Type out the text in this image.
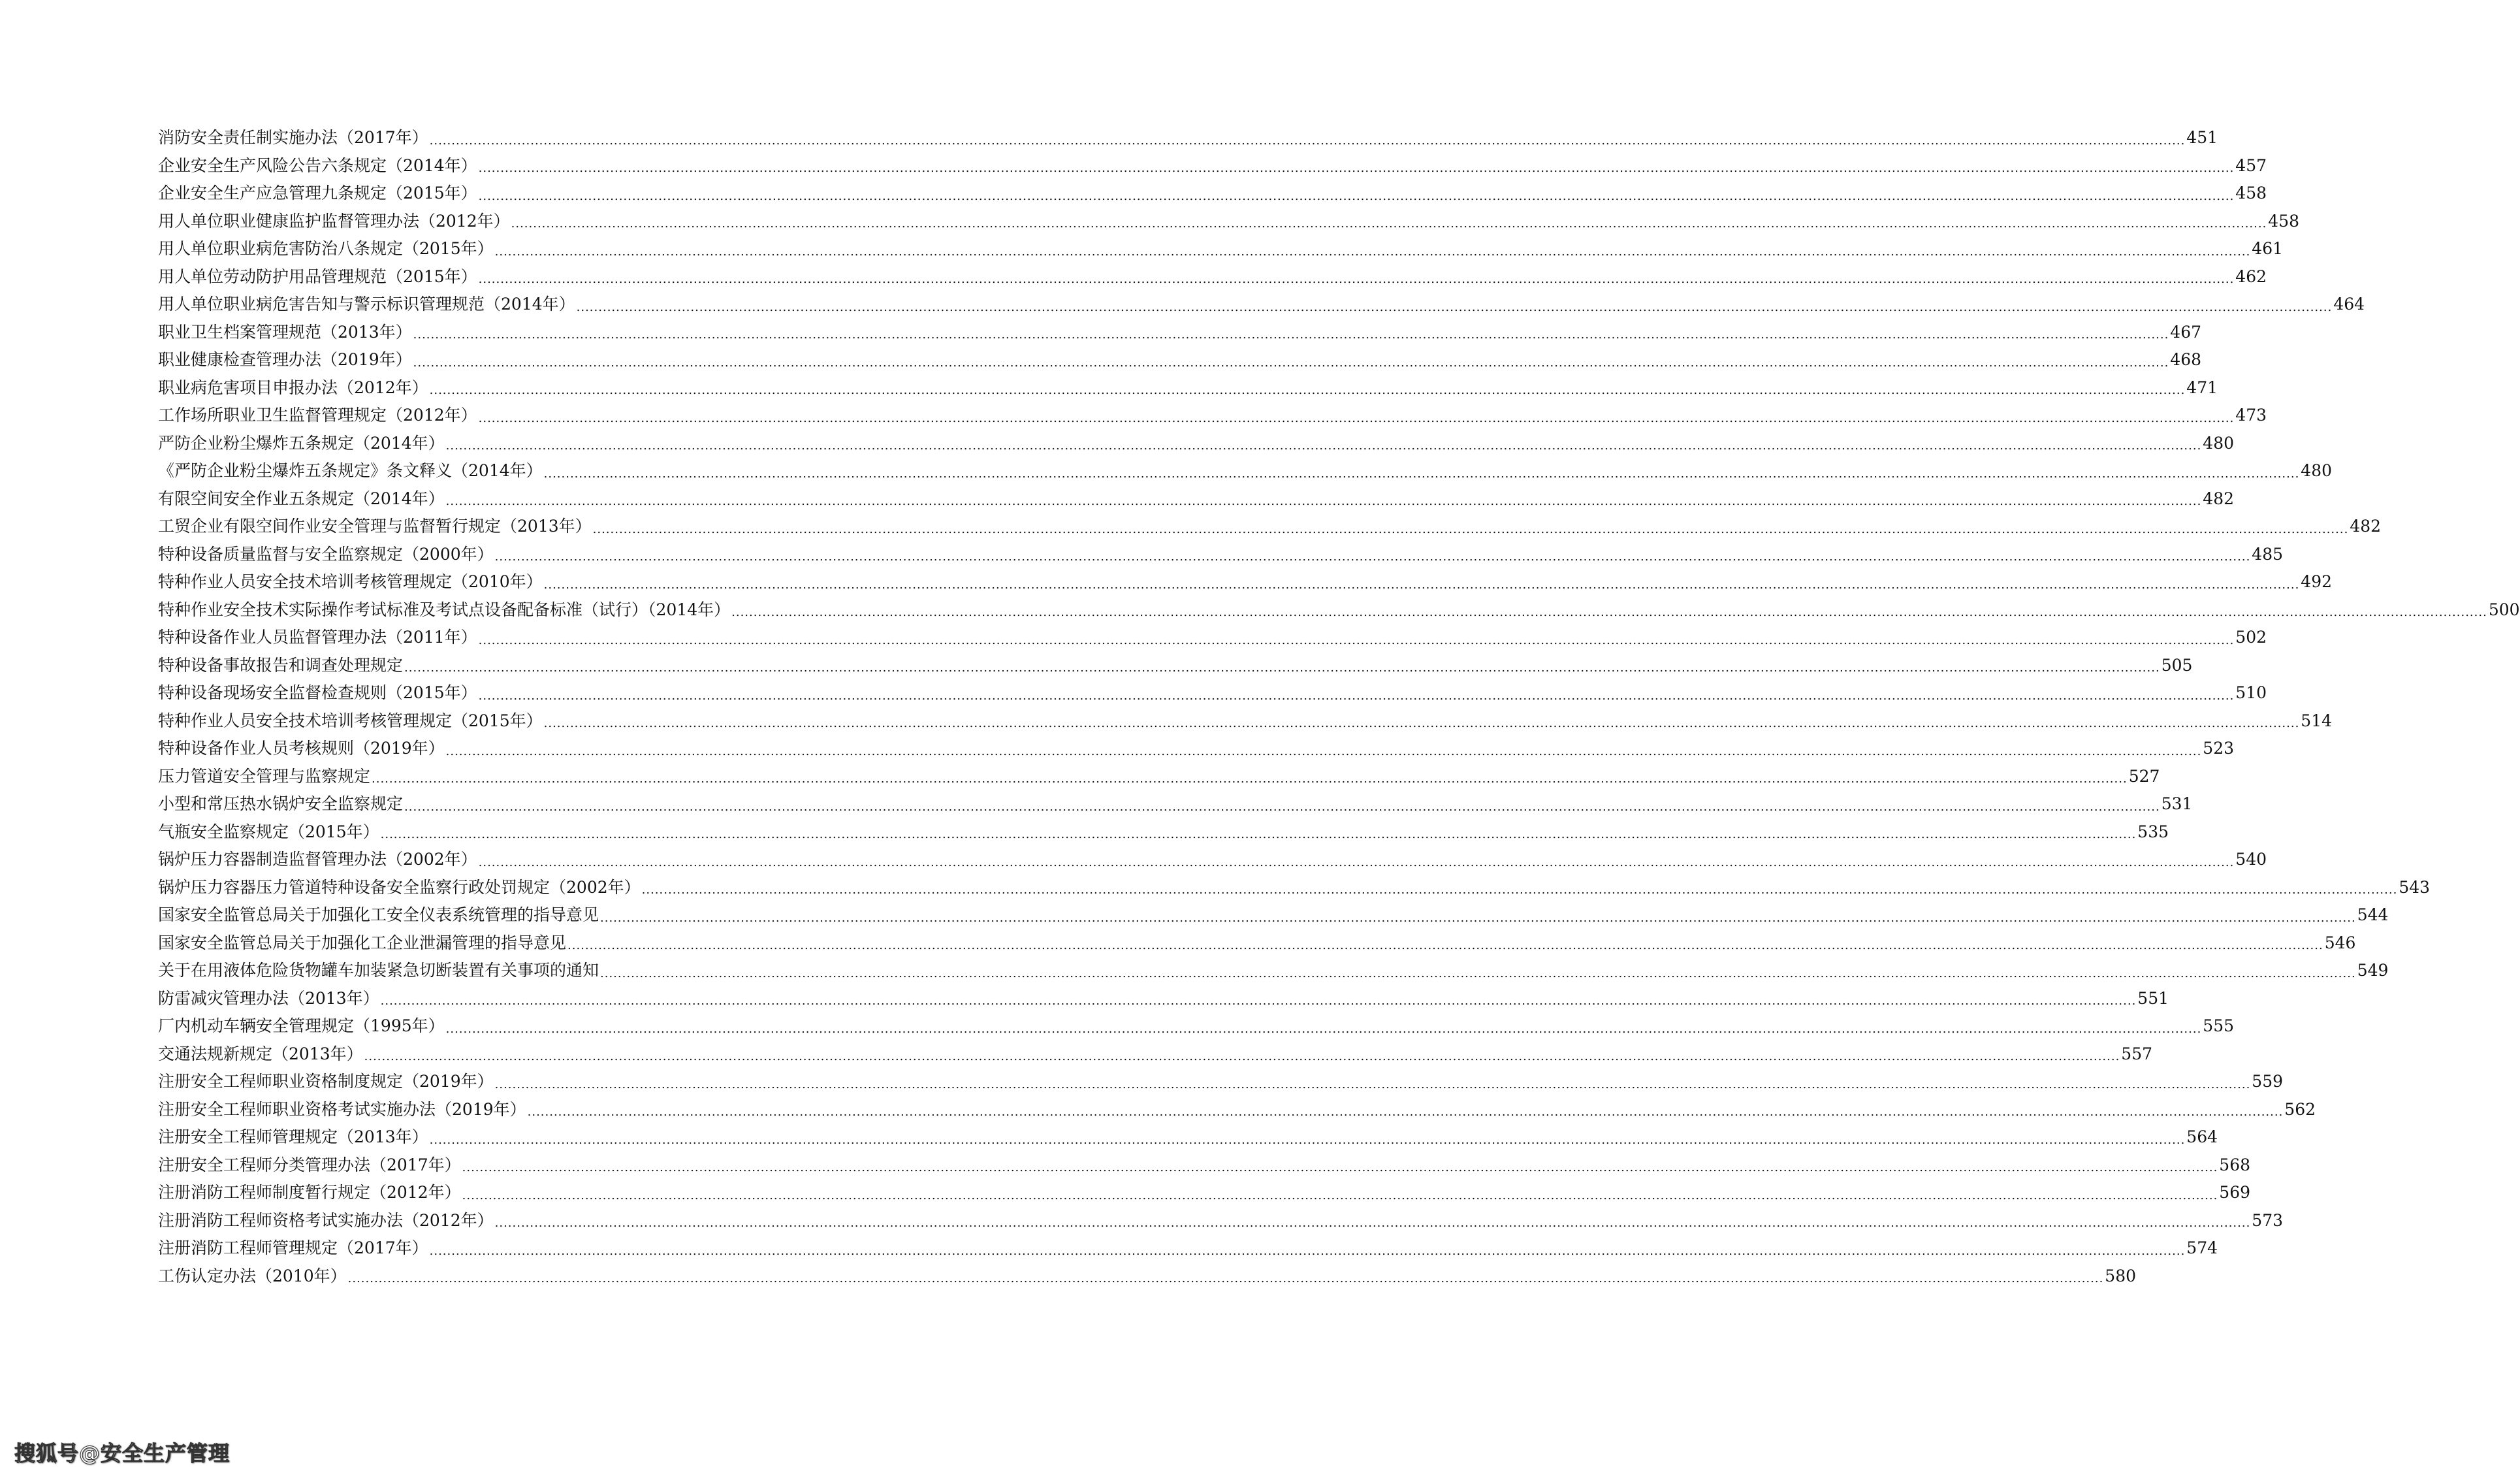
消防安全责任制实施办法（2017年） ................................................................................................................................................................................................................................................................................................................................................................................................................ 451
企业安全生产风险公告六条规定（2014年） ................................................................................................................................................................................................................................................................................................................................................................................................................ 457
企业安全生产应急管理九条规定（2015年） ................................................................................................................................................................................................................................................................................................................................................................................................................ 458
用人单位职业健康监护监督管理办法（2012年） ................................................................................................................................................................................................................................................................................................................................................................................................................ 458
用人单位职业病危害防治八条规定（2015年） ................................................................................................................................................................................................................................................................................................................................................................................................................ 461
用人单位劳动防护用品管理规范（2015年） ................................................................................................................................................................................................................................................................................................................................................................................................................ 462
用人单位职业病危害告知与警示标识管理规范（2014年） ................................................................................................................................................................................................................................................................................................................................................................................................................ 464
职业卫生档案管理规范（2013年） ................................................................................................................................................................................................................................................................................................................................................................................................................ 467
职业健康检查管理办法（2019年） ................................................................................................................................................................................................................................................................................................................................................................................................................ 468
职业病危害项目申报办法（2012年） ................................................................................................................................................................................................................................................................................................................................................................................................................ 471
工作场所职业卫生监督管理规定（2012年） ................................................................................................................................................................................................................................................................................................................................................................................................................ 473
严防企业粉尘爆炸五条规定（2014年） ................................................................................................................................................................................................................................................................................................................................................................................................................ 480
《严防企业粉尘爆炸五条规定》条文释义（2014年） ................................................................................................................................................................................................................................................................................................................................................................................................................ 480
有限空间安全作业五条规定（2014年） ................................................................................................................................................................................................................................................................................................................................................................................................................ 482
工贸企业有限空间作业安全管理与监督暂行规定（2013年） ................................................................................................................................................................................................................................................................................................................................................................................................................ 482
特种设备质量监督与安全监察规定（2000年） ................................................................................................................................................................................................................................................................................................................................................................................................................ 485
特种作业人员安全技术培训考核管理规定（2010年） ................................................................................................................................................................................................................................................................................................................................................................................................................ 492
特种作业安全技术实际操作考试标准及考试点设备配备标准（试行）（2014年） ................................................................................................................................................................................................................................................................................................................................................................................................................ 500
特种设备作业人员监督管理办法（2011年） ................................................................................................................................................................................................................................................................................................................................................................................................................ 502
特种设备事故报告和调查处理规定 ................................................................................................................................................................................................................................................................................................................................................................................................................ 505
特种设备现场安全监督检查规则（2015年） ................................................................................................................................................................................................................................................................................................................................................................................................................ 510
特种作业人员安全技术培训考核管理规定（2015年） ................................................................................................................................................................................................................................................................................................................................................................................................................ 514
特种设备作业人员考核规则（2019年） ................................................................................................................................................................................................................................................................................................................................................................................................................ 523
压力管道安全管理与监察规定 ................................................................................................................................................................................................................................................................................................................................................................................................................ 527
小型和常压热水锅炉安全监察规定 ................................................................................................................................................................................................................................................................................................................................................................................................................ 531
气瓶安全监察规定（2015年） ................................................................................................................................................................................................................................................................................................................................................................................................................ 535
锅炉压力容器制造监督管理办法（2002年） ................................................................................................................................................................................................................................................................................................................................................................................................................ 540
锅炉压力容器压力管道特种设备安全监察行政处罚规定（2002年） ................................................................................................................................................................................................................................................................................................................................................................................................................ 543
国家安全监管总局关于加强化工安全仪表系统管理的指导意见 ................................................................................................................................................................................................................................................................................................................................................................................................................ 544
国家安全监管总局关于加强化工企业泄漏管理的指导意见 ................................................................................................................................................................................................................................................................................................................................................................................................................ 546
关于在用液体危险货物罐车加装紧急切断装置有关事项的通知 ................................................................................................................................................................................................................................................................................................................................................................................................................ 549
防雷减灾管理办法（2013年） ................................................................................................................................................................................................................................................................................................................................................................................................................ 551
厂内机动车辆安全管理规定（1995年） ................................................................................................................................................................................................................................................................................................................................................................................................................ 555
交通法规新规定（2013年） ................................................................................................................................................................................................................................................................................................................................................................................................................ 557
注册安全工程师职业资格制度规定（2019年） ................................................................................................................................................................................................................................................................................................................................................................................................................ 559
注册安全工程师职业资格考试实施办法（2019年） ................................................................................................................................................................................................................................................................................................................................................................................................................ 562
注册安全工程师管理规定（2013年） ................................................................................................................................................................................................................................................................................................................................................................................................................ 564
注册安全工程师分类管理办法（2017年） ................................................................................................................................................................................................................................................................................................................................................................................................................ 568
注册消防工程师制度暂行规定（2012年） ................................................................................................................................................................................................................................................................................................................................................................................................................ 569
注册消防工程师资格考试实施办法（2012年） ................................................................................................................................................................................................................................................................................................................................................................................................................ 573
注册消防工程师管理规定（2017年） ................................................................................................................................................................................................................................................................................................................................................................................................................ 574
工伤认定办法（2010年） ................................................................................................................................................................................................................................................................................................................................................................................................................ 580
搜狐号@安全生产管理
